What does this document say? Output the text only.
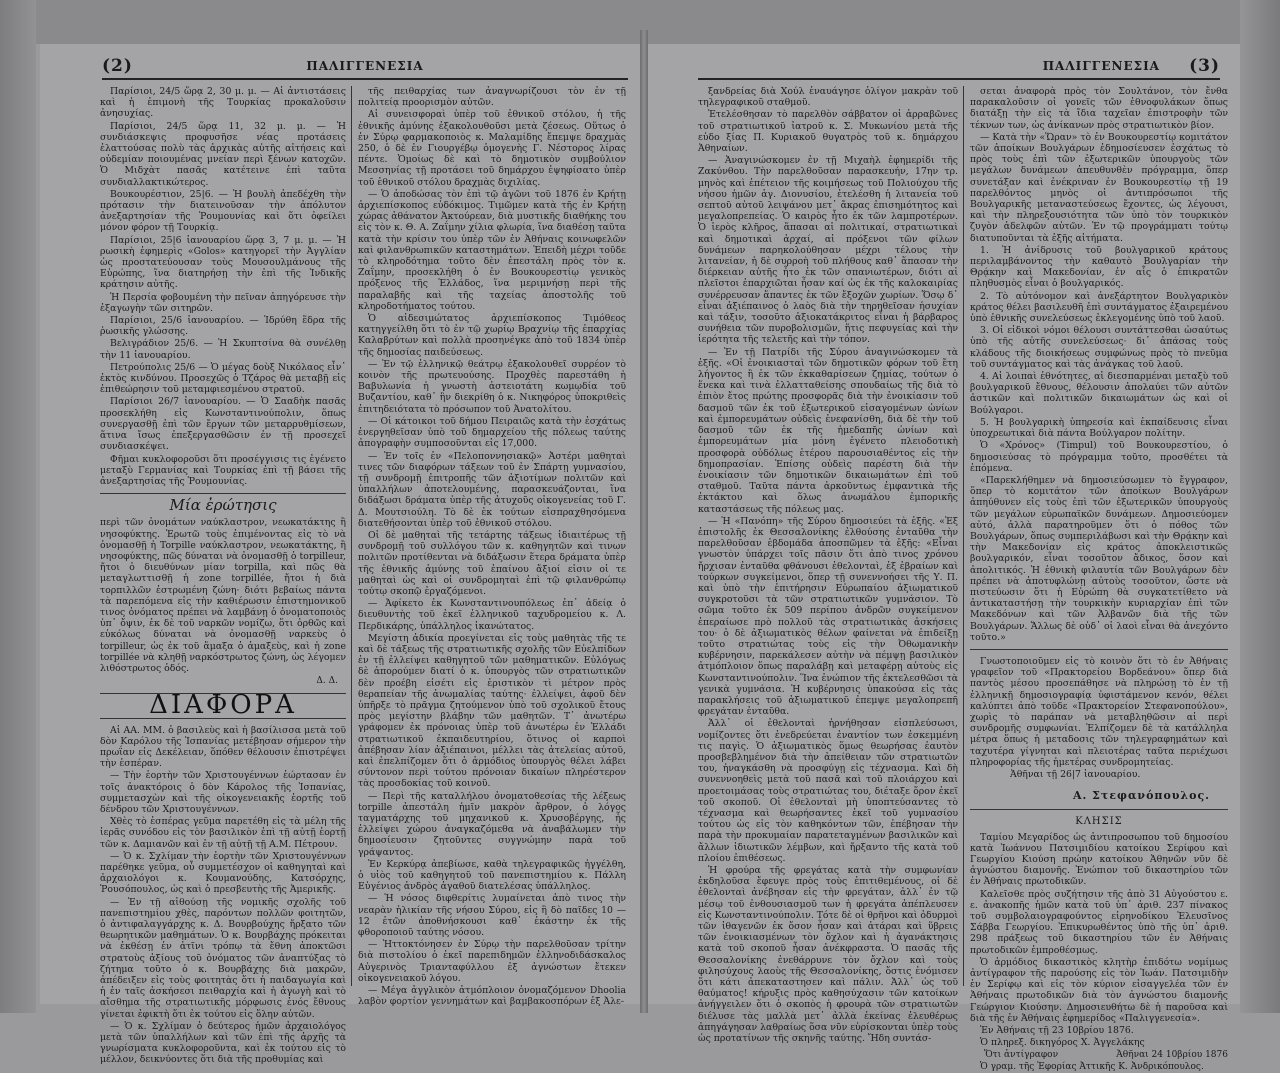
(2)	ΠΑΛΙΓΓΕΝΕΣΙΑ

Παρίσιοι, 24/5 ὥρᾳ 2, 30 μ. μ. — Αἱ ἀντιστάσεις καὶ ἡ ἐπιμονὴ τῆς Τουρκίας προκαλοῦσιν ἀνησυχίας.

Παρίσιοι, 24/5 ὥρᾳ 11, 32 μ. μ. — Ἡ συνδιάσκεψις προφυσῆσε νέας προτάσεις ἐλαττούσας πολὺ τὰς ἀρχικὰς αὐτῆς αἰτήσεις καὶ οὐδεμίαν ποιουμένας μνείαν περὶ ξένων κατοχῶν. Ὁ Μιδχὰτ πασᾶς κατέτεινε ἐπὶ ταῦτα συνδιαλλακτικώτερος.

Βουκουρέστιον, 25|6. — Ἡ βουλὴ ἀπεδέχθη τὴν πρότασιν τὴν διατεινοῦσαν τὴν ἀπόλυτον ἀνεξαρτησίαν τῆς Ῥουμουνίας καὶ ὅτι ὀφείλει μόνον φόρον τῇ Τουρκίᾳ.

Παρίσιοι, 25|6 ἰανουαρίου ὥρᾳ 3, 7 μ. μ. — Ἡ ρωσικὴ ἐφημερὶς «Golos» κατηγορεῖ τὴν Ἀγγλίαν ὡς προστατεύουσαν τοὺς Μουσουλμάνους τῆς Εὐρώπης, ἵνα διατηρήσῃ τὴν ἐπὶ τῆς Ἰνδικῆς κράτησιν αὐτῆς.

Ἡ Περσία φοβουμένη τὴν πεῖναν ἀπηγόρευσε τὴν ἐξαγωγὴν τῶν σιτηρῶν.

Παρίσιοι, 25/6 ἰανουαρίου. — Ἱδρύθη ἕδρα τῆς ῥωσικῆς γλώσσης.

Βελιγράδιον 25/6. — Ἡ Σκυπτσίνα θὰ συνέλθῃ τὴν 11 ἰανουαρίου.

Πετρούπολις 25/6 — Ὁ μέγας δοὺξ Νικόλαος εἶν᾽ ἐκτὸς κινδύνου. Προσεχῶς ὁ Τζάρος θὰ μεταβῇ εἰς ἐπιθεώρησιν τοῦ μεταμφιεσμένου στρατοῦ.

Παρίσιοι 26/7 ἰανουαρίου. — Ὁ Σααδὴκ πασᾶς προσεκλήθη εἰς Κωνσταντινούπολιν, ὅπως συνεργασθῇ ἐπὶ τῶν ἔργων τῶν μεταρρυθμίσεων, ἅτινα ἴσως ἐπεξεργασθῶσιν ἐν τῇ προσεχεῖ συνδιασκέψει.

Φῆμαι κυκλοφοροῦσι ὅτι προσέγγισις τις ἐγένετο μεταξὺ Γερμανίας καὶ Τουρκίας ἐπὶ τῇ βάσει τῆς ἀνεξαρτησίας τῆς Ῥουμουνίας.

Μία ἐρώτησις

περὶ τῶν ὀνομάτων ναύκλαστρον, νεωκατάκτης ἢ νησοφύκτης. Ἐρωτῶ τοὺς ἐπιμένοντας εἰς τὸ νὰ ὀνομασθῇ ἡ Torpille ναύκλαστρον, νεωκατάκτης, ἢ νησοφύκτης, πῶς δύναται νὰ ὀνομασθῇ ὁ torpilleur, ἤτοι ὁ διευθύνων μίαν torpilla, καὶ πῶς θὰ μεταγλωττισθῇ ἡ zone torpillée, ἤτοι ἡ διὰ τορπιλλῶν ἐστρωμένη ζώνη· διότι βεβαίως πάντα τὰ παρεπόμενα εἰς τὴν καθιέρωσιν ἐπιστημονικοῦ τινος ὀνόματος πρέπει νὰ λαμβάνῃ ὁ ὀνοματοποιὸς ὑπ᾽ ὄψιν, ἐκ δὲ τοῦ ναρκῶν νομίζω, ὅτι ὀρθῶς καὶ εὐκόλως δύναται νὰ ὀνομασθῇ ναρκεὺς ὁ torpilleur, ὡς ἐκ τοῦ ἅμαξα ὁ ἁμαξεὺς, καὶ ἡ zone torpillée νὰ κληθῇ ναρκόστρωτος ζώνη, ὡς λέγομεν λιθόστρωτος ὁδός.

Δ. Δ.
ΔΙΑΦΟΡΑ

Αἱ ΑΑ. ΜΜ. ὁ βασιλεὺς καὶ ἡ βασίλισσα μετὰ τοῦ δὸν Καρόλου τῆς Ἰσπανίας μετέβησαν σήμερον τὴν πρωΐαν εἰς Δεκέλειαν, ὅπόθεν θέλουσιν ἐπιστρέψει τὴν ἑσπέραν.

— Τὴν ἑορτὴν τῶν Χριστουγέννων ἑώρτασαν ἐν τοῖς ἀνακτόροις ὁ δὸν Κάρολος τῆς Ἰσπανίας, συμμετασχὼν καὶ τῆς οἰκογενειακῆς ἑορτῆς τοῦ δένδρου τῶν Χριστουγέννων.

Χθὲς τὸ ἑσπέρας γεῦμα παρετέθη εἰς τὰ μέλη τῆς ἱερᾶς συνόδου εἰς τὸν βασιλικὸν ἐπὶ τῇ αὐτῇ ἑορτῇ τῶν κ. Δαμιανῶν καὶ ἐν τῇ αὐτῇ τῇ Α.Μ. Πέτρουν.

— Ὁ κ. Σχλίμαν τὴν ἑορτὴν τῶν Χριστουγέννων παρέθηκε γεῦμα, οὗ συμμετέσχον οἱ καθηγηταὶ καὶ ἀρχαιολόγοι κ. Κουμανούδης, Κατσόρχης, Ῥουσόπουλος, ὡς καὶ ὁ πρεσβευτὴς τῆς Ἀμερικῆς.

— Ἐν τῇ αἰθούσῃ τῆς νομικῆς σχολῆς τοῦ πανεπιστημίου χθὲς, παρόντων πολλῶν φοιτητῶν, ὁ ἀντιφαλαγγάρχης κ. Δ. Βουρβούχης ἤρξατο τῶν θεωρητικῶν μαθημάτων. Ὁ κ. Βουρβάχης πρόκειται νὰ ἐκθέσῃ ἐν ἀτῖνι τρόπῳ τὰ ἔθνη ἀποκτῶσι στρατοὺς ἀξίους τοῦ ὀνόματος τῶν ἀναπτύξας τὸ ζήτημα τοῦτο ὁ κ. Βουρβάχης διὰ μακρῶν, ἀπέδειξεν εἰς τοὺς φοιτητὰς ὅτι ἡ παιδαγωγία καὶ ἡ ἐν ταῖς ἀσκήσεσι πειθαρχία καὶ ἡ ἀγωγὴ καὶ τὸ αἴσθημα τῆς στρατιωτικῆς μόρφωσις ἐνός ἔθνους γίνεται ἐφικτὴ ὅτι ἐκ τούτου εἰς ὅλην αὐτῶν.

— Ὁ κ. Σχλίμαν ὁ δεύτερος ἡμῶν ἀρχαιολόγος μετὰ τῶν ὑπαλλήλων καὶ τῶν ἐπὶ τῆς ἀρχῆς τὰ γνωρίσματα κυκλοφοροῦντα, καὶ ἐκ τούτου εἰς τὸ μέλλον, δεικνύοντες ὅτι διὰ τῆς προθυμίας καὶ

τῆς πειθαρχίας των ἀναγνωρίζουσι τὸν ἐν τῇ πολιτείᾳ προορισμὸν αὐτῶν.

Αἱ συνεισφοραὶ ὑπὲρ τοῦ ἐθνικοῦ στόλου, ἡ τῆς ἐθνικῆς ἀμύνης ἐξακολουθοῦσι μετὰ ζέσεως. Οὕτως ὁ ἐν Σύρῳ φαρμακοποιὸς κ. Μαλαμίδης ἔπεμψε δραχμὰς 250, ὁ δὲ ἐν Γιουργέβῳ ὁμογενὴς Γ. Νέστορος λίρας πέντε. Ὁμοίως δὲ καὶ τὸ δημοτικὸν συμβούλιον Μεσσηνίας τῇ προτάσει τοῦ δημάρχου ἐψηφίσατο ὑπὲρ τοῦ ἐθνικοῦ στόλου δραχμὰς διχιλίας.

— Ὁ ἀποδώσας τὸν ἐπὶ τῷ ἀγῶνι τοῦ 1876 ἐν Κρήτῃ ἀρχιεπίσκοπος εὐδόκιμος. Τιμῶμεν κατὰ τῆς ἐν Κρήτῃ χώρας ἀθάνατον Ἀκτούρεαν, διὰ μυστικῆς διαθήκης του εἰς τὸν κ. Θ. Α. Ζαΐμην χίλια φλωρία, ἵνα διαθέσῃ ταῦτα κατὰ τὴν κρίσιν του ὑπὲρ τῶν ἐν Ἀθήναις κοινωφελῶν καὶ φιλανθρωπικῶν καταστημάτων. Ἐπειδὴ μέχρι τοῦδε τὸ κληροδότημα τοῦτο δὲν ἐπεστάλη πρὸς τὸν κ. Ζαΐμην, προσεκλήθη ὁ ἐν Βουκουρεστίῳ γενικὸς πρόξενος τῆς Ἑλλάδος, ἵνα μεριμνήσῃ περὶ τῆς παραλαβῆς καὶ τῆς ταχείας ἀποστολῆς τοῦ κληροδοτήματος τούτου.

Ὁ αἰδεσιμώτατος ἀρχιεπίσκοπος Τιμόθεος κατηγγείλθη ὅτι τὸ ἐν τῷ χωρίῳ Βραχνίῳ τῆς ἐπαρχίας Καλαβρύτων καὶ πολλὰ προσηνέγκε ἀπὸ τοῦ 1834 ὑπὲρ τῆς δημοσίας παιδεύσεως.

— Ἐν τῷ ἑλληνικῷ θεάτρῳ ἐξακολουθεῖ συρρέον τὸ κοινὸν τῆς πρωτευούσης. Προχθὲς παρεστάθη ἡ Βαβυλωνία ἡ γνωστὴ ἀστειοτάτη κωμῳδία τοῦ Βυζαντίου, καθ᾽ ἣν διεκρίθη ὁ κ. Νικηφόρος ὑποκριθεὶς ἐπιτηδειότατα τὸ πρόσωπον τοῦ Ἀνατολίτου.

— Οἱ κάτοικοι τοῦ δήμου Πειραιῶς κατὰ τὴν ἐσχάτως ἐνεργηθεῖσαν ὑπὸ τοῦ δημαρχείου τῆς πόλεως ταύτης ἀπογραφὴν συμποσοῦνται εἰς 17,000.

— Ἐν τοῖς ἐν «Πελοποννησιακῷ» Ἀστέρι μαθηταὶ τινες τῶν διαφόρων τάξεων τοῦ ἐν Σπάρτῃ γυμνασίου, τῇ συνδρομῇ ἐπιτροπῆς τῶν ἀξιοτίμων πολιτῶν καὶ ὑπαλλήλων ἀποτελουμένης, παρασκευάζονται, ἵνα διδάξωσι δράματα ὑπὲρ τῆς ἀτυχοῦς οἰκογενείας τοῦ Γ. Δ. Μουτσιούλη. Τὸ δὲ ἐκ τούτων εἰσπραχθησόμενα διατεθήσονται ὑπὲρ τοῦ ἐθνικοῦ στόλου.

Οἱ δὲ μαθηταὶ τῆς τετάρτης τάξεως ἰδιαιτέρως τῇ συνδρομῇ τοῦ συλλόγου τῶν κ. καθηγητῶν καὶ τινων πολιτῶν προτίθενται νὰ διδάξωσιν ἕτερα δράματα ὑπὲρ τῆς ἐθνικῆς ἀμύνης τοῦ ἐπαίνου ἄξιοί εἰσιν οἱ τε μαθηταὶ ὡς καὶ οἱ συνδρομηταὶ ἐπὶ τῷ φιλανθρώπῳ τούτῳ σκοπῷ ἐργαζόμενοι.

— Ἀφίκετο ἐκ Κωνσταντινουπόλεως ἐπ᾽ ἀδείᾳ ὁ διευθυντὴς τοῦ ἐκεῖ ἑλληνικοῦ ταχυδρομείου κ. Λ. Περδικάρης, ὑπάλληλος ἱκανώτατος.

Μεγίστη ἀδικία προεγίνεται εἰς τοὺς μαθητὰς τῆς τε καὶ δὲ τάξεως τῆς στρατιωτικῆς σχολῆς τῶν Εὐελπίδων ἐν τῇ ἐλλείψει καθηγητοῦ τῶν μαθηματικῶν. Εὐλόγως δὲ ἀπορούμεν διατί ὁ κ. ὑπουργὸς τῶν στρατιωτικῶν δὲν προέβη εἰσέτι εἰς ἐριστικὸν τὶ μέτρον πρὸς θεραπείαν τῆς ἀνωμαλίας ταύτης· ἐλλείψει, ἀφοῦ δὲν ὑπῆρξε τὸ πρᾶγμα ζητούμενον ὑπὸ τοῦ σχολικοῦ ἔτους πρὸς μεγίστην βλάβην τῶν μαθητῶν. Τ᾽ ἀνωτέρω γράφομεν ἐκ πρόνοιας ὑπὲρ τοῦ ἀνωτέρω ἐν Ἑλλάδι στρατιωτικοῦ ἐκπαιδευτηρίου, ὅτινος οἱ καρποὶ ἀπέβησαν λίαν ἀξιέπαινοι, μέλλει τὰς ἀτελείας αὐτοῦ, καὶ ἐπελπίζομεν ὅτι ὁ ἀρμόδιος ὑπουργὸς θέλει λάβει σύντονον περὶ τούτου πρόνοιαν δικαίων πληρέστερον τὰς προσδοκίας τοῦ κοινοῦ.

— Περὶ τῆς καταλλήλου ὀνοματοθεσίας τῆς λέξεως torpille ἀπεστάλη ἡμῖν μακρὸν ἄρθρον, ὁ λόγος ταγματάρχης τοῦ μηχανικοῦ κ. Χρυσοβέργης, ἧς ἐλλείψει χώρου ἀναγκαζόμεθα νὰ ἀναβάλωμεν τὴν δημοσίευσιν ζητοῦντες συγγνώμην παρὰ τοῦ γράψαντος.

Ἐν Κερκύρᾳ ἀπεβίωσε, καθὰ τηλεγραφικῶς ἠγγέλθη, ὁ υἱὸς τοῦ καθηγητοῦ τοῦ πανεπιστημίου κ. Πάλλη Εὐγένιος ἀνδρὸς ἀγαθοῦ διατελέσας ὑπάλληλος.

— Ἡ νόσος διφθερίτις λυμαίνεται ἀπὸ τινος τὴν νεαρὰν ἡλικίαν τῆς νήσου Σύρου, εἰς ἣ δὸ παῖδες 10 — 12 ἐτῶν ἀποθνήσκουσι καθ᾽ ἑκάστην ἐκ τῆς φθοροποιοῦ ταύτης νόσου.

— Ἠττοκτόνησεν ἐν Σύρῳ τὴν παρελθοῦσαν τρίτην διὰ πιστολίου ὁ ἐκεῖ παρεπιδημῶν ἑλληνοδιδάσκαλος Αὐγερινὸς Τριανταφύλλου ἐξ ἀγνώστων ἔτεκεν οἰκογενειακοῦ λόγου.

— Μέγα ἀγγλικὸν ἀτμόπλοιον ὀνομαζόμενον Dhoolia λαβὸν φορτίον γεννημάτων καὶ βαμβακοσπόρων ἐξ Ἀλε-

ΠΑΛΙΓΓΕΝΕΣΙΑ	(3)

ξανδρείας διὰ Χούλ ἐναυάγησε ὀλίγον μακρὰν τοῦ τηλεγραφικοῦ σταθμοῦ.

Ἐτελέσθησαν τὸ παρελθὸν σάββατον οἱ ἀρραβῶνες τοῦ στρατιωτικοῦ ἰατροῦ κ. Σ. Μυκωνίου μετὰ τῆς εὐδο ξίας Π. Κυριακοῦ θυγατρὸς τοῦ κ. δημάρχου Ἀθηναίων.

— Ἀναγινώσκομεν ἐν τῇ Μιχαὴλ ἐφημερίδι τῆς Ζακύνθου. Τὴν παρελθοῦσαν παρασκευήν, 17ην τρ. μηνὸς καὶ ἐπέτειον τῆς κοιμήσεως τοῦ Πολιούχου τῆς νήσου ἡμῶν ἁγ. Διονυσίου, ἐτελέσθη ἡ λιτανεία τοῦ σεπτοῦ αὐτοῦ λειψάνου μετ᾽ ἄκρας ἐπισημότητος καὶ μεγαλοπρεπείας. Ὁ καιρὸς ἦτο ἐκ τῶν λαμπροτέρων. Ὁ ἱερὸς κλῆρος, ἅπασαι αἱ πολιτικαί, στρατιωτικαὶ καὶ δημοτικαὶ ἀρχαί, αἱ πρόξενοι τῶν φίλων δυνάμεων παρηκολούθησαν μέχρι τέλους τὴν λιτανείαν, ἡ δὲ συρροὴ τοῦ πλήθους καθ᾽ ἅπασαν τὴν διέρκειαν αὐτῆς ἦτο ἐκ τῶν σπανιωτέρων, διότι αἱ πλεῖστοι ἐπαρχιῶται ἦσαν καί ὡς ἐκ τῆς καλοκαιρίας συνέρρευσαν ἅπαντες ἐκ τῶν ἔξοχῶν χωρίων. Ὅσῳ δ᾽ εἶναι ἀξιέπαινος ὁ λαὸς διὰ τὴν τηρηθεῖσαν ἡσυχίαν καὶ τάξιν, τοσοῦτο ἀξιοκατάκριτος εἶναι ἡ βάρβαρος συνήθεια τῶν πυροβολισμῶν, ἥτις πεφυγείας καὶ τὴν ἱερότητα τῆς τελετῆς καὶ τὴν τόπον.

— Ἐν τῇ Πατρίδι τῆς Σύρου ἀναγινώσκομεν τὰ ἑξῆς. «Οἱ ἐνοικιασταὶ τῶν δημοτικῶν φόρων τοῦ ἔτη λήγοντος ἢ ἐκ τῶν ἐκκαθαρίσεων ζημίας, τούτων ὁ ἕνεκα καὶ τινὰ ἐλλατταθείσης σπουδαίως τῆς διὰ τὸ ἐπιὸν ἔτος πρώτης προσφορᾶς διὰ τὴν ἐνοικίασιν τοῦ δασμοῦ τῶν ἐκ τοῦ ἐξωτερικοῦ εἰσαγομένων ὠνίων καὶ ἐμπορευμάτων οὐδεὶς ἐνεφανίσθη, διὰ δὲ τὴν τοῦ δασμοῦ τῶν ἐκ τῆς ἡμεδαπῆς ὠνίων καὶ ἐμπορευμάτων μία μόνη ἐγένετο πλειοδοτικὴ προσφορὰ οὐδόλως ἑτέρου παρουσιαθέντος εἰς τὴν δημοπρασίαν. Ἐπίσης οὐδεὶς παρέστη διὰ τὴν ἐνοικίασιν τῶν δημοτικῶν δικαιωμάτων ἐπὶ τοῦ σταθμοῦ. Ταῦτα πάντα ἀρκοῦντως ἐμφαντικὰ τῆς ἐκτάκτου καὶ ὅλως ἀνωμάλου ἐμπορικῆς καταστάσεως τῆς πόλεως μας.

— Ἡ «Πανόπη» τῆς Σύρου δημοσιεύει τὰ ἑξῆς. «Ἐξ ἐπιστολῆς ἐκ Θεσσαλονίκης ἐλθούσης ἐνταῦθα τὴν παρελθοῦσαν ἑβδομάδα ἀποσπῶμεν τὰ ἑξῆς: «Εἶναι γνωστὸν ὑπάρχει τοῖς πᾶσιν ὅτι ἀπὸ τινος χρόνου ἤρχισαν ἐνταῦθα φθάνουσι ἐθελονταὶ, ἐξ ἑβραίων καὶ τούρκων συγκείμενοι, ὅπερ τῇ συνεννοήσει τῆς Υ. Π. καὶ ὑπὸ τὴν ἐπιτήρησιν Εὐρωπαίου ἀξιωματικοῦ συγκροτοῦσι τὰ τῶν στρατιωτικῶν γυμνάσιον. Τὸ σῶμα τοῦτο ἐκ 509 περίπου ἀνδρῶν συγκείμενον ἐπεραίωσε πρὸ πολλοῦ τὰς στρατιωτικὰς ἀσκήσεις του· ὁ δὲ ἀξιωματικὸς θέλων φαίνεται νὰ ἐπιδείξῃ τοῦτο στρατιώτας τοὺς εἰς τὴν Ὀθωμανικὴν κυβέρνησιν, παρεκάλεσεν αὐτὴν νὰ πέμψῃ βασιλικὸν ἀτμόπλοιον ὅπως παραλάβῃ καὶ μεταφέρῃ αὐτοὺς εἰς Κωνσταντινούπολιν. Ἵνα ἐνώπιον τῆς ἐκτελεσθῶσι τὰ γενικὰ γυμνάσια. Ἡ κυβέρνησις ὑπακούσα εἰς τὰς παρακλήσεις τοῦ ἀξιωματικοῦ ἐπεμψε μεγαλοπρεπῆ φρεγάταν ἐνταῦθα.

Ἀλλ᾽ οἱ ἐθελονταὶ ἠρνήθησαν εἰσπλεύσωσι, νομίζοντες ὅτι ἐνεδρεύεται ἐναντίον των ἐσκεμμένη τις παγὶς. Ὁ ἀξιωματικὸς ὅμως θεωρήσας ἑαυτὸν προσβεβλημένον διὰ τὴν ἀπείθειαν τῶν στρατιωτῶν του, ἠναγκάσθη νὰ προσφύγῃ εἰς τέχνασμα. Καὶ δὴ συνεννοηθεὶς μετὰ τοῦ πασᾶ καὶ τοῦ πλοιάρχου καὶ προετοιμάσας τοὺς στρατιώτας του, διέταξε ὅρον ἐκεῖ τοῦ σκοποῦ. Οἱ ἐθελονταὶ μὴ ὑποπτεύσαντες τὸ τέχνασμα καὶ θεωρήσαντες ἐκεῖ τοῦ γυμνασίου τούτου ὡς εἰς τὸν καθηκόντων τῶν, ἐπέβησαν τὴν παρὰ τὴν προκυμαίαν παρατεταγμένων βασιλικῶν καὶ ἄλλων ἰδιωτικῶν λέμβων, καὶ ἤρξαντο τῆς κατὰ τοῦ πλοίου ἐπιθέσεως.

Ἡ φρούρα τῆς φρεγάτας κατὰ τὴν συμφωνίαν ἐκδηλοῦσα ἔφευγε πρὸς τοὺς ἐπιτιθεμένους, οἱ δὲ ἐθελονταὶ ἀνέβησαν εἰς τὴν φρεγάταν, ἀλλ᾽ ἐν τῷ μέσῳ τοῦ ἐνθουσιασμοῦ των ἡ φρεγάτα ἀπέπλευσεν εἰς Κωνσταντινούπολιν. Τότε δὲ οἱ θρῆνοι καὶ ὀδυρμοὶ τῶν ἰθαγενῶν ἐκ ὅσον ἦσαν καὶ ἀτάραι καὶ ὕβρεις τῶν ἐνοικιασμένων τὸν ὄχλον καὶ ἡ ἀγανάκτησις κατὰ τοῦ σκοποῦ ἦσαν ἀνέκφραστα. Ὁ πασᾶς τῆς Θεσσαλονίκης ἐνεθάρρυνε τὸν ὄχλον καὶ τοὺς φιλησύχους λαοὺς τῆς Θεσσαλονίκης, ὅστις ἐνόμισεν ὅτι κάτι ἀπεκαταστησεν καὶ πάλιν. Ἀλλ᾽ ὡς τοῦ θαύματος! κήρυξις πρὸς καθησύχασιν τῶν κατοίκων ἀνήγγειλεν ὅτι ὁ σκοπὸς ἡ φρουρὰ τῶν στρατιωτῶν διέλυσε τὰς μαλλὰ μετ᾽ ἀλλὰ ἐκείνας ἐλευθέρως ἀπηγάγησαν λαθραίως ὅσα νῦν εὑρίσκονται ὑπὲρ τοὺς ὡς προτατίνων τῆς σκηνῆς ταύτης. Ἤδη συντάσ-

σεται ἀναφορὰ πρὸς τὸν Σουλτάνον, τὸν ἔνθα παρακαλοῦσιν οἱ γονεῖς τῶν ἐθνοφυλάκων ὅπως διατάξῃ τὴν εἰς τὰ ἴδια ταχεῖαν ἐπιστροφὴν τῶν τέκνων των, ὡς ἀνίκανων πρὸς στρατιωτικὸν βίον.

— Κατὰ τὴν «Ὥραν» τὸ ἐν Βουκουρεστίῳ κομιτάτον τῶν ἀποίκων Βουλγάρων ἐδημοσίευσεν ἐσχάτως τὸ πρὸς τοὺς ἐπὶ τῶν ἐξωτερικῶν ὑπουργοὺς τῶν μεγάλων δυνάμεων ἀπευθυνθὲν πρόγραμμα, ὅπερ συνετάξαν καὶ ἐνέκριναν ἐν Βουκουρεστίῳ τῇ 19 παρελθόντος μηνὸς οἱ ἀντιπρόσωποι τῆς Βουλγαρικῆς μεταναστεύσεως ἔχοντες, ὡς λέγουσι, καὶ τὴν πληρεξουσιότητα τῶν ὑπὸ τὸν τουρκικὸν ζυγὸν ἀδελφῶν αὐτῶν. Ἐν τῷ προγράμματι τούτῳ διατυποῦνται τὰ ἑξῆς αἰτήματα.

1. Ἡ ἀνίδρυσις τοῦ βουλγαρικοῦ κράτους περιλαμβάνοντος τὴν καθαυτὸ Βουλγαρίαν τὴν Θρᾴκην καὶ Μακεδονίαν, ἐν αἷς ὁ ἐπικρατῶν πληθυσμὸς εἶναι ὁ βουλγαρικός.

2. Τὸ αὐτόνομον καὶ ἀνεξάρτητον Βουλγαρικὸν κράτος θέλει βασιλευθῆ ἐπὶ συντάγματος ἐξαιρεμένου ὑπὸ ἐθνικῆς συνελεύσεως ἐκλεγομένης ὑπὸ τοῦ λαοῦ.

3. Οἱ εἰδικοὶ νόμοι θέλουσι συντάττεσθαι ὡσαύτως ὑπὸ τῆς αὐτῆς συνελεύσεως· δι᾽ ἀπάσας τοὺς κλάδους τῆς διοικήσεως συμφώνως πρὸς τὸ πνεῦμα τοῦ συντάγματος καὶ τὰς ἀνάγκας τοῦ λαοῦ.

4. Αἱ λοιπαὶ ἐθνότητες, αἱ διεσπαρμέναι μεταξὺ τοῦ βουλγαρικοῦ ἔθνους, θέλουσιν ἀπολαύει τῶν αὐτῶν ἀστικῶν καὶ πολιτικῶν δικαιωμάτων ὡς καὶ οἱ Βούλγαροι.

5. Ἡ βουλγαρικὴ ὑπηρεσία καὶ ἐκπαίδευσις εἶναι ὑποχρεωτικαὶ διὰ πάντα Βούλγαρον πολίτην.

Ὁ «Χρόνος» (Timpul) τοῦ Βουκουρεστίου, ὁ δημοσιεύσας τὸ πρόγραμμα τοῦτο, προσθέτει τὰ ἑπόμενα.

«Παρεκλήθημεν νὰ δημοσιεύσωμεν τὸ ἔγγραφον, ὅπερ τὸ κομιτάτον τῶν ἀποίκων Βουλγάρων ἀπηύθυνεν εἰς τοὺς ἐπὶ τῶν ἐξωτερικῶν ὑπουργοὺς τῶν μεγάλων εὐρωπαϊκῶν δυνάμεων. Δημοσιεύομεν αὐτό, ἀλλὰ παρατηροῦμεν ὅτι ὁ πόθος τῶν Βουλγάρων, ὅπως συμπεριλάβωσι καὶ τὴν Θρᾴκην καὶ τὴν Μακεδονίαν εἰς κράτος ἀποκλειστικῶς βουλγαρικόν, εἶναι τοσοῦτον ἄδικος, ὅσον καὶ ἀπολιτικός. Ἡ ἑθνικὴ φιλαυτία τῶν Βουλγάρων δὲν πρέπει νὰ ἀποτυφλώνῃ αὐτοὺς τοσοῦτον, ὥστε νὰ πιστεύωσιν ὅτι ἡ Εὐρώπη θὰ συγκατετίθετο νὰ ἀντικαταστήσῃ τὴν τουρκικὴν κυριαρχίαν ἐπὶ τῶν Μακεδόνων καὶ τῶν Ἀλβανῶν διὰ τῆς τῶν Βουλγάρων. Ἄλλως δὲ οὐδ᾽ οἱ λαοὶ εἶναι θὰ ἀνεχόντο τοῦτο.»

Γνωστοποιοῦμεν εἰς τὸ κοινὸν ὅτι τὸ ἐν Ἀθήναις γραφεῖον τοῦ «Πρακτορείου Βορδεάνου» ὅπερ διὰ παντὸς μέσου προσεπάθησε νὰ πληρώσῃ τὸ ἐν τῇ ἑλληνικῇ δημοσιογραφίᾳ ὑφιστάμενον κενόν, θέλει καλύπτει ἀπὸ τοῦδε «Πρακτορείον Στεφανοπούλου», χωρὶς τὸ παράπαν νὰ μεταβληθῶσιν αἱ περὶ συνδρομῆς συμφωνίαι. Ἐλπίζομεν δὲ τὰ κατάλληλα μέτρα ὅπως ἡ μεταδοσις τῶν τηλεγραφημάτων καὶ ταχυτέρα γίγνηται καὶ πλειοτέρας ταῦτα περιέχωσι πληροφορίας τῆς ἡμετέρας συνδρομητείας.

Ἀθῆναι τῇ 26|7 ἰανουαρίου.

Α. Στεφανόπουλος.
ΚΛΗΣΙΣ

Ταμίου Μεγαρίδος ὡς ἀντιπροσωπου τοῦ δημοσίου κατὰ Ἰωάννου Πατσιμιδίου κατοίκου Σερίφου καὶ Γεωργίου Κιούση πρώην κατοίκου Ἀθηνῶν νῦν δὲ ἀγνώστου διαμονῆς. Ἐνώπιον τοῦ δικαστηρίου τῶν ἐν Ἀθήναις πρωτοδικῶν.

Καλεῖσθε πρὸς συζήτησιν τῆς ἀπὸ 31 Αὐγούστου ε. ε. ἀνακοπῆς ἡμῶν κατὰ τοῦ ὑπ᾽ ἀριθ. 237 πίνακος τοῦ συμβολαιογραφούντος εἰρηνοδίκου Ἐλευσῖνος Σάββα Γεωργίου. Ἐπικυρωθέντος ὑπὸ τῆς ὑπ᾽ ἀριθ. 298 πράξεως τοῦ δικαστηρίου τῶν ἐν Ἀθήναις πρωτοδικῶν ἐμπροθέσμως.

Ὁ ἀρμόδιος δικαστικὸς κλητὴρ ἐπιδότω νομίμως ἀντίγραφον τῆς παρούσης εἰς τὸν Ἰωάν. Πατσιμιδὴν ἐν Σερίφῳ καὶ εἰς τὸν κύριον εἰσαγγελέα τῶν ἐν Ἀθήναις πρωτοδικῶν διὰ τὸν ἀγνώστου διαμονῆς Γεώργιον Κιούσην. Δημοσιευθήτω δὲ ἡ παροῦσα καὶ διὰ τῆς ἐν Ἀθήναις ἐφημερίδος «Παλιγγενεσία».

Ἐν Ἀθήναις τῇ 23 10βρίου 1876.

Ὁ πληρεξ. δικηγόρος Χ. Ἀγγελάκης

Ὅτι ἀντίγραφον	Ἀθῆναι 24 10βρίου 1876

Ὁ γραμ. τῆς Ἐφορίας Ἀττικῆς Κ. Ἀνδρικόπουλος.
